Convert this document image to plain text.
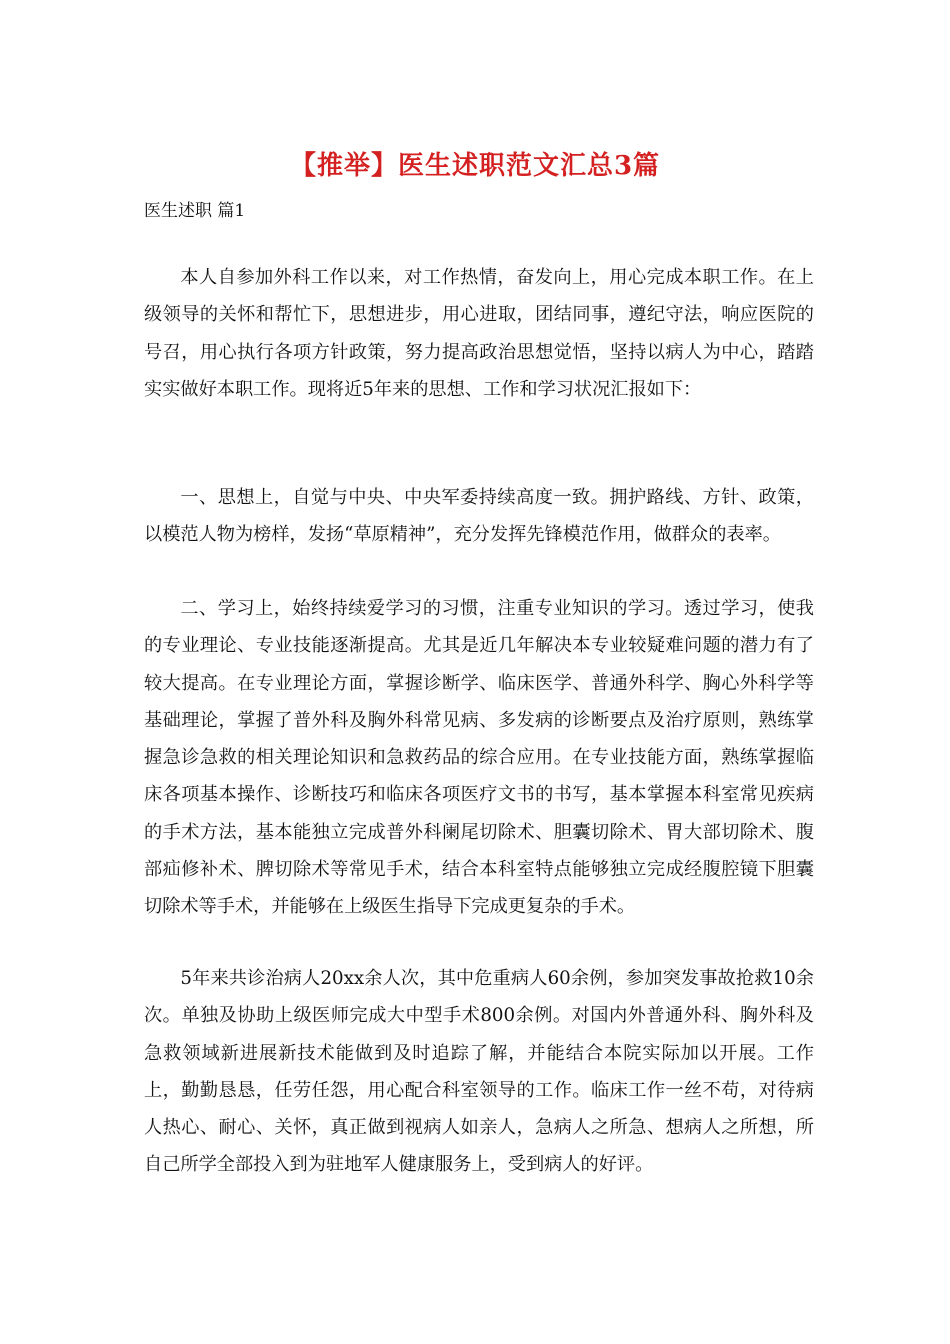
【推举】医生述职范文汇总3篇
医生述职 篇1

本人自参加外科工作以来，对工作热情，奋发向上，用心完成本职工作。在上级领导的关怀和帮忙下，思想进步，用心进取，团结同事，遵纪守法，响应医院的号召，用心执行各项方针政策，努力提高政治思想觉悟，坚持以病人为中心，踏踏实实做好本职工作。现将近5年来的思想、工作和学习状况汇报如下：

一、思想上，自觉与中央、中央军委持续高度一致。拥护路线、方针、政策，以模范人物为榜样，发扬“草原精神”，充分发挥先锋模范作用，做群众的表率。

二、学习上，始终持续爱学习的习惯，注重专业知识的学习。透过学习，使我的专业理论、专业技能逐渐提高。尤其是近几年解决本专业较疑难问题的潜力有了较大提高。在专业理论方面，掌握诊断学、临床医学、普通外科学、胸心外科学等基础理论，掌握了普外科及胸外科常见病、多发病的诊断要点及治疗原则，熟练掌握急诊急救的相关理论知识和急救药品的综合应用。在专业技能方面，熟练掌握临床各项基本操作、诊断技巧和临床各项医疗文书的书写，基本掌握本科室常见疾病的手术方法，基本能独立完成普外科阑尾切除术、胆囊切除术、胃大部切除术、腹部疝修补术、脾切除术等常见手术，结合本科室特点能够独立完成经腹腔镜下胆囊切除术等手术，并能够在上级医生指导下完成更复杂的手术。

5年来共诊治病人20xx余人次，其中危重病人60余例，参加突发事故抢救10余次。单独及协助上级医师完成大中型手术800余例。对国内外普通外科、胸外科及急救领域新进展新技术能做到及时追踪了解，并能结合本院实际加以开展。工作上，勤勤恳恳，任劳任怨，用心配合科室领导的工作。临床工作一丝不苟，对待病人热心、耐心、关怀，真正做到视病人如亲人，急病人之所急、想病人之所想，所自己所学全部投入到为驻地军人健康服务上，受到病人的好评。
